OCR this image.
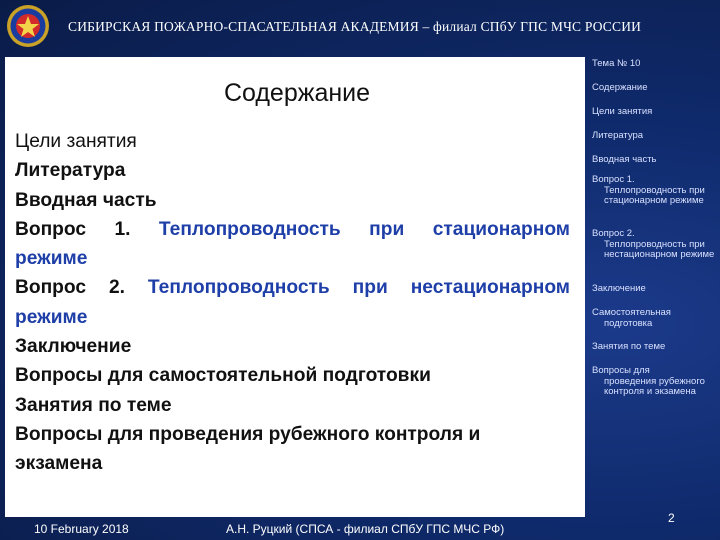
СИБИРСКАЯ ПОЖАРНО-СПАСАТЕЛЬНАЯ АКАДЕМИЯ – филиал СПбУ ГПС МЧС РОССИИ
Содержание
Цели занятия
Литература
Вводная часть
Вопрос 1. Теплопроводность при стационарном
режиме
Вопрос 2. Теплопроводность при нестационарном
режиме
Заключение
Вопросы для самостоятельной подготовки
Занятия по теме
Вопросы для проведения рубежного контроля и
экзамена
Тема № 10
Содержание
Цели занятия
Литература
Вводная часть
Вопрос 1.
Теплопроводность при стационарном режиме
Вопрос 2.
Теплопроводность при нестационарном режиме
Заключение
Самостоятельная
подготовка
Занятия по теме
Вопросы для
проведения рубежного контроля и экзамена
10 February 2018	А.Н. Руцкий (СПСА - филиал СПбУ ГПС МЧС РФ)
2
